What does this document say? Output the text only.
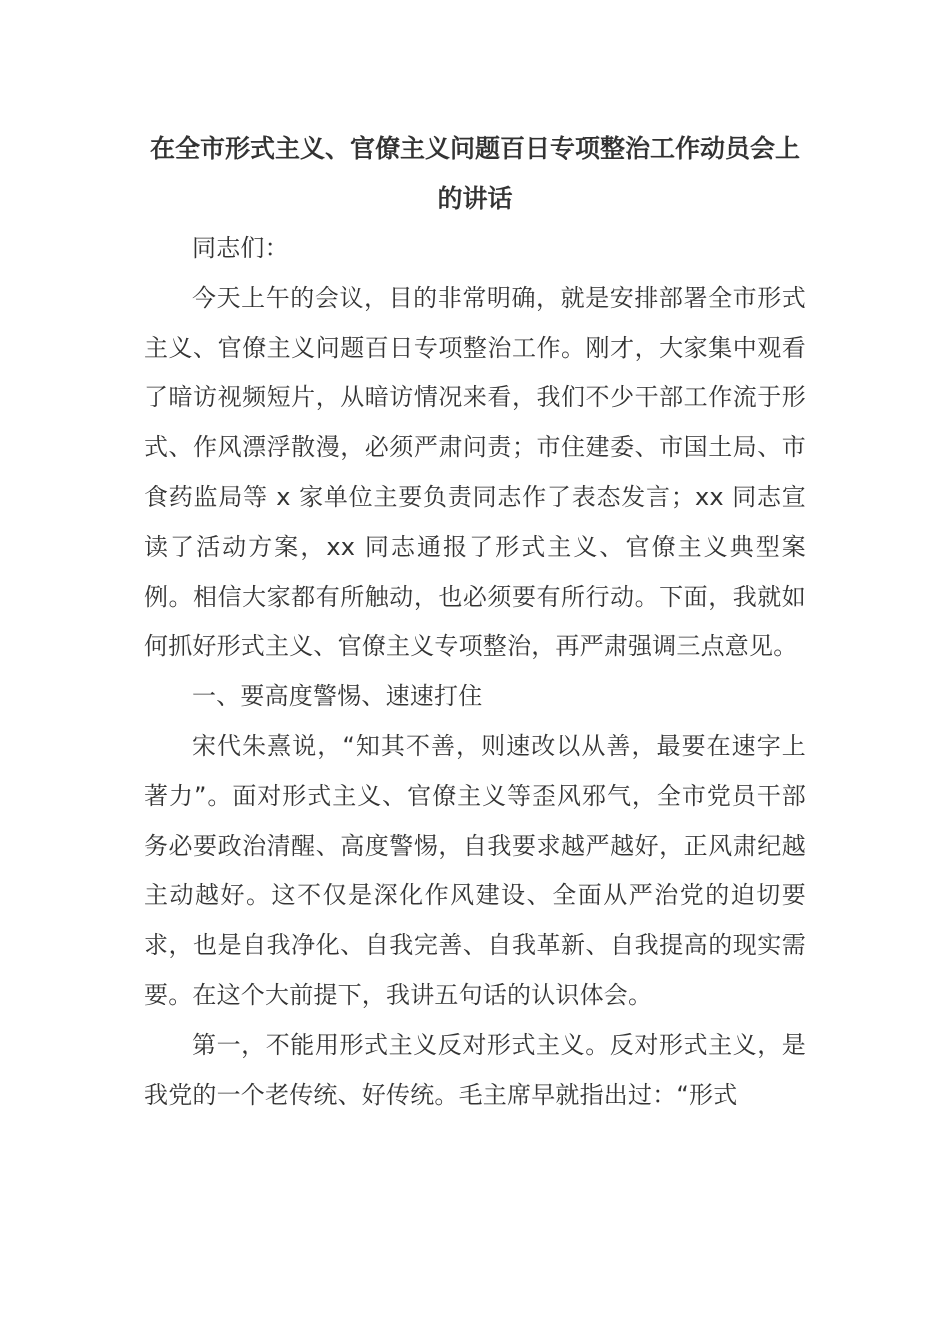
在全市形式主义、官僚主义问题百日专项整治工作动员会上的讲话

同志们：

今天上午的会议，目的非常明确，就是安排部署全市形式主义、官僚主义问题百日专项整治工作。刚才，大家集中观看了暗访视频短片，从暗访情况来看，我们不少干部工作流于形式、作风漂浮散漫，必须严肃问责；市住建委、市国土局、市食药监局等 x 家单位主要负责同志作了表态发言；xx 同志宣读了活动方案，xx 同志通报了形式主义、官僚主义典型案例。相信大家都有所触动，也必须要有所行动。下面，我就如何抓好形式主义、官僚主义专项整治，再严肃强调三点意见。

一、要高度警惕、速速打住

宋代朱熹说，“知其不善，则速改以从善，最要在速字上著力”。面对形式主义、官僚主义等歪风邪气，全市党员干部务必要政治清醒、高度警惕，自我要求越严越好，正风肃纪越主动越好。这不仅是深化作风建设、全面从严治党的迫切要求，也是自我净化、自我完善、自我革新、自我提高的现实需要。在这个大前提下，我讲五句话的认识体会。

第一，不能用形式主义反对形式主义。反对形式主义，是我党的一个老传统、好传统。毛主席早就指出过：“形式
